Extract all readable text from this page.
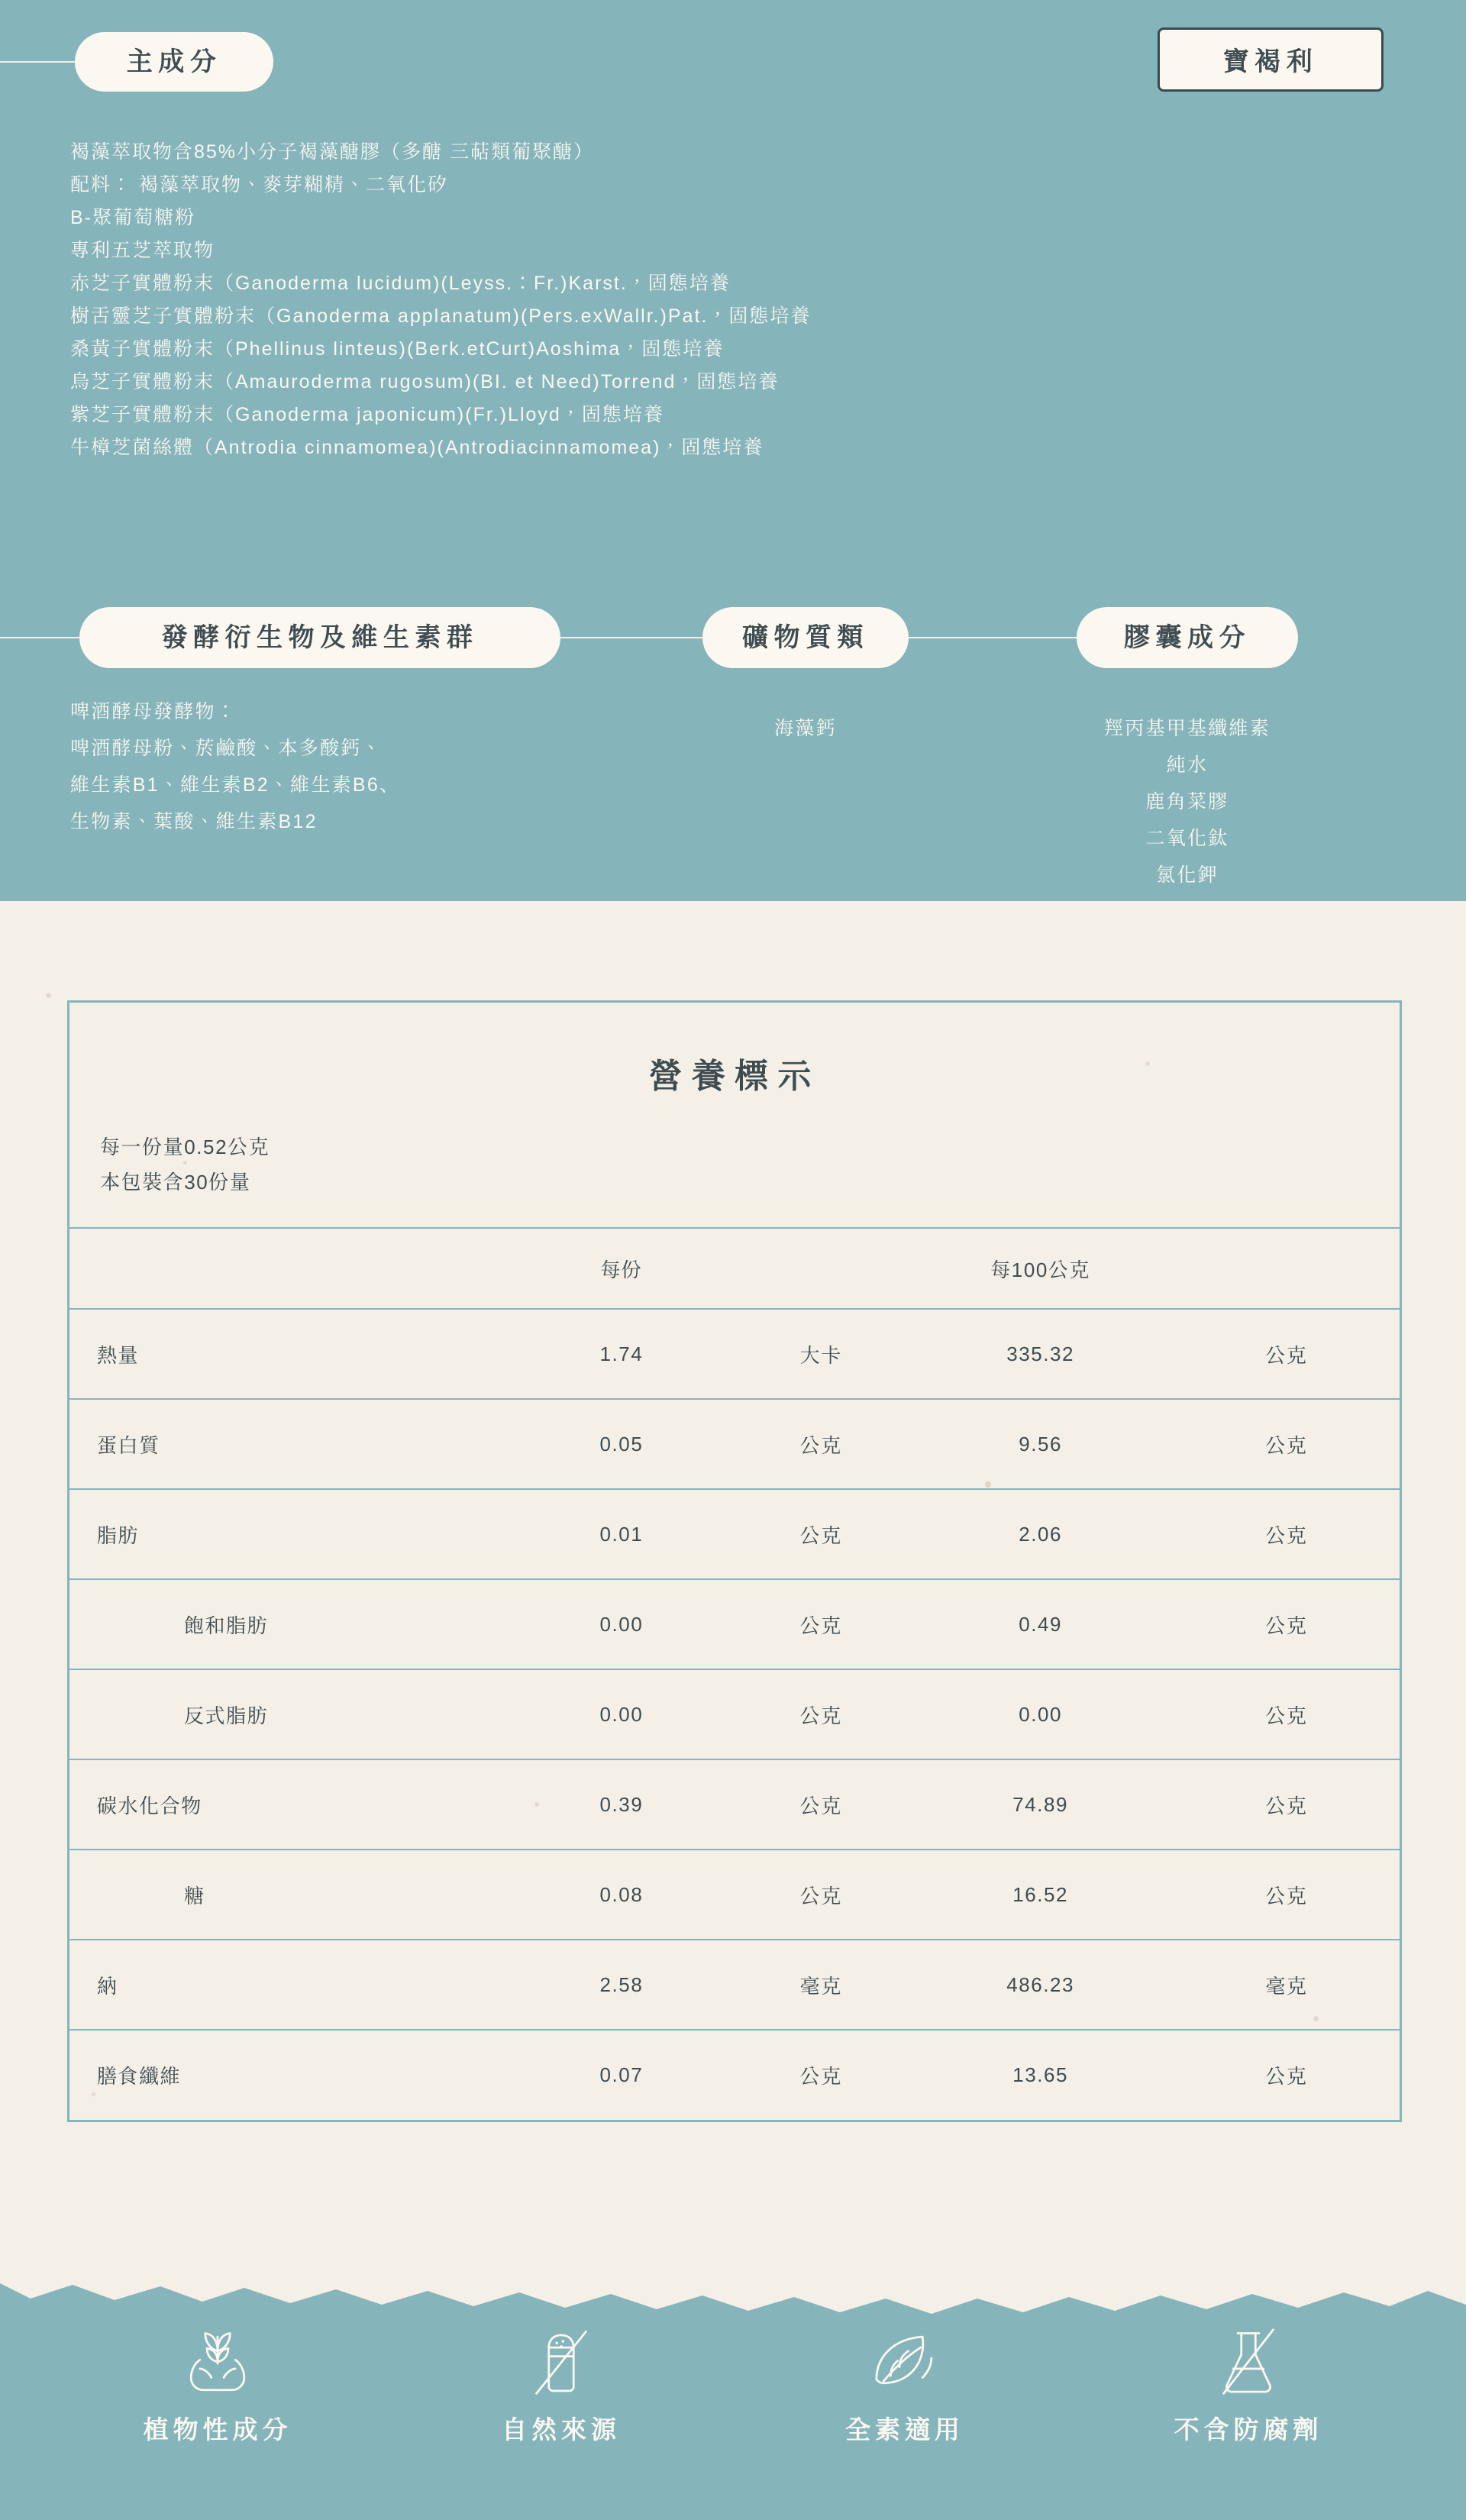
主成分	寶褐利
褐藻萃取物含85%小分子褐藻醣膠（多醣 三萜類葡聚醣）
配料： 褐藻萃取物、麥芽糊精、二氧化矽
B-聚葡萄糖粉
專利五芝萃取物
赤芝子實體粉末（Ganoderma lucidum)(Leyss.：Fr.)Karst.，固態培養
樹舌靈芝子實體粉末（Ganoderma applanatum)(Pers.exWallr.)Pat.，固態培養
桑黃子實體粉末（Phellinus linteus)(Berk.etCurt)Aoshima，固態培養
烏芝子實體粉末（Amauroderma rugosum)(BI. et Need)Torrend，固態培養
紫芝子實體粉末（Ganoderma japonicum)(Fr.)Lloyd，固態培養
牛樟芝菌絲體（Antrodia cinnamomea)(Antrodiacinnamomea)，固態培養
發酵衍生物及維生素群	礦物質類	膠囊成分
啤酒酵母發酵物：
啤酒酵母粉、菸鹼酸、本多酸鈣、
維生素B1、維生素B2、維生素B6、
生物素、葉酸、維生素B12
海藻鈣	羥丙基甲基纖維素
純水
鹿角菜膠
二氧化鈦
氯化鉀
營養標示
每一份量0.52公克
本包裝含30份量
	每份		每100公克	
熱量	1.74	大卡	335.32	公克
蛋白質	0.05	公克	9.56	公克
脂肪	0.01	公克	2.06	公克
飽和脂肪	0.00	公克	0.49	公克
反式脂肪	0.00	公克	0.00	公克
碳水化合物	0.39	公克	74.89	公克
糖	0.08	公克	16.52	公克
納	2.58	毫克	486.23	毫克
膳食纖維	0.07	公克	13.65	公克
植物性成分	自然來源	全素適用	不含防腐劑
